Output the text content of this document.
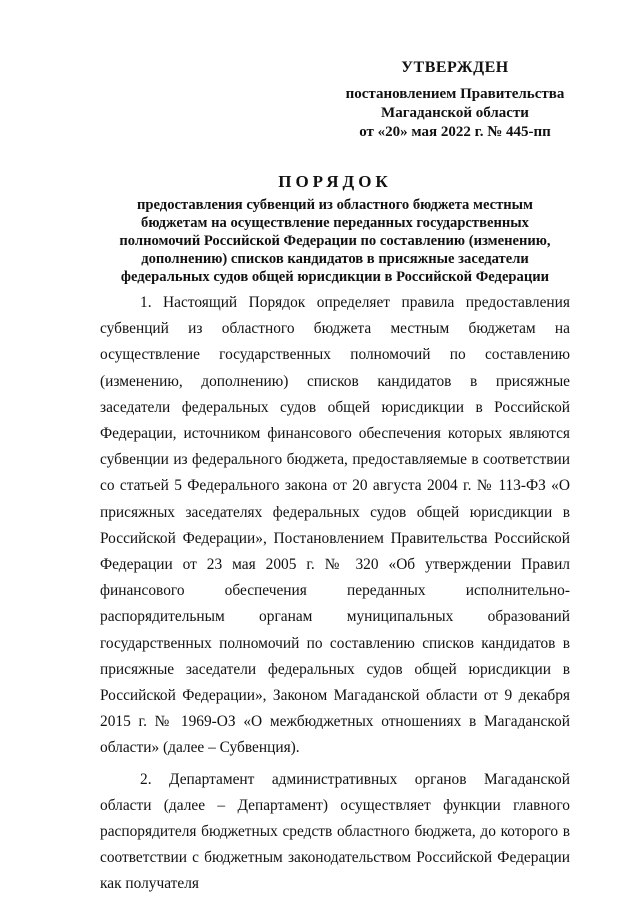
УТВЕРЖДЕН
постановлением Правительства
Магаданской области
от «20» мая 2022 г. № 445-пп
ПОРЯДОК
предоставления субвенций из областного бюджета местным
бюджетам на осуществление переданных государственных
полномочий Российской Федерации по составлению (изменению,
дополнению) списков кандидатов в присяжные заседатели
федеральных судов общей юрисдикции в Российской Федерации

1. Настоящий Порядок определяет правила предоставления субвенций из областного бюджета местным бюджетам на осуществление государственных полномочий по составлению (изменению, дополнению) списков кандидатов в присяжные заседатели федеральных судов общей юрисдикции в Российской Федерации, источником финансового обеспечения которых являются субвенции из федерального бюджета, предоставляемые в соответствии со статьей 5 Федерального закона от 20 августа 2004 г. № 113-ФЗ «О присяжных заседателях федеральных судов общей юрисдикции в Российской Федерации», Постановлением Правительства Российской Федерации от 23 мая 2005 г. № 320 «Об утверждении Правил финансового обеспечения переданных исполнительно-распорядительным органам муниципальных образований государственных полномочий по составлению списков кандидатов в присяжные заседатели федеральных судов общей юрисдикции в Российской Федерации», Законом Магаданской области от 9 декабря 2015 г. № 1969-ОЗ «О межбюджетных отношениях в Магаданской области» (далее – Субвенция).

2. Департамент административных органов Магаданской области (далее – Департамент) осуществляет функции главного распорядителя бюджетных средств областного бюджета, до которого в соответствии с бюджетным законодательством Российской Федерации как получателя
